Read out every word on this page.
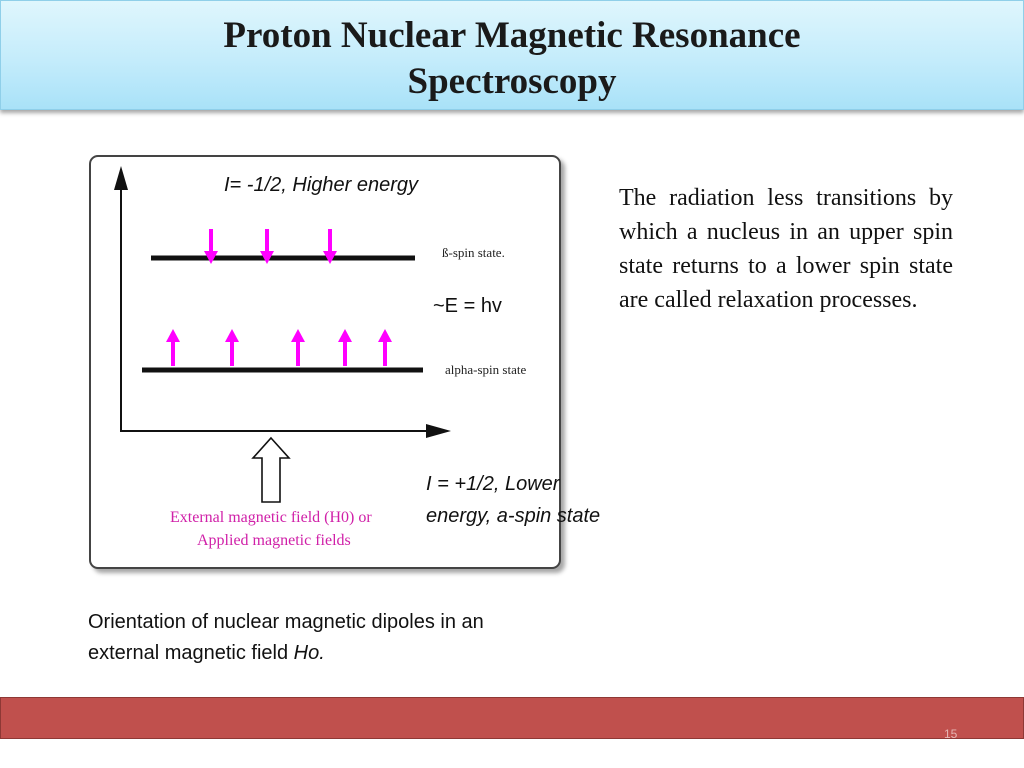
Proton Nuclear Magnetic Resonance
Spectroscopy
I= -1/2, Higher energy
ß-spin state.
~E = hv
alpha-spin state
I = +1/2, Lower
energy, a-spin state
External magnetic field (H0) or
Applied magnetic fields
The radiation less transitions by which a nucleus in an upper spin state returns to a lower spin state are called relaxation processes.
Orientation of nuclear magnetic dipoles in an external magnetic field Ho.
15
